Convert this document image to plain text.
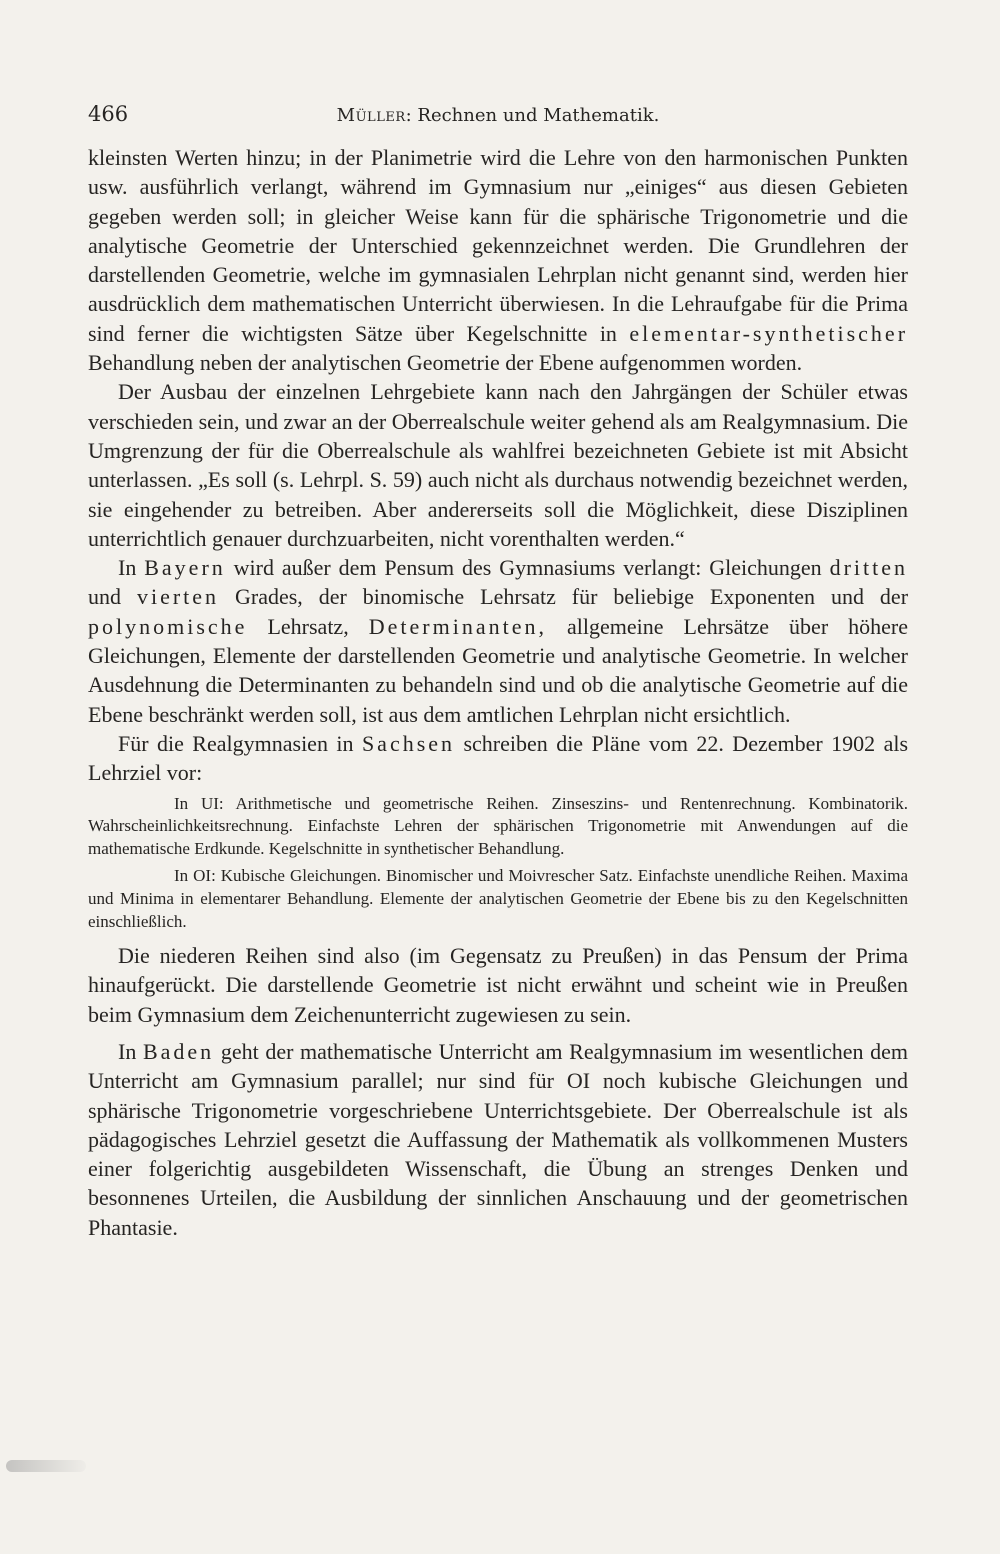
466	Müller: Rechnen und Mathematik.

kleinsten Werten hinzu; in der Planimetrie wird die Lehre von den harmonischen Punkten usw. ausführlich verlangt, während im Gymnasium nur „einiges“ aus diesen Gebieten gegeben werden soll; in gleicher Weise kann für die sphärische Trigonometrie und die analytische Geometrie der Unterschied gekennzeichnet werden. Die Grundlehren der darstellenden Geometrie, welche im gymnasialen Lehrplan nicht genannt sind, werden hier ausdrücklich dem mathematischen Unterricht überwiesen. In die Lehraufgabe für die Prima sind ferner die wichtigsten Sätze über Kegelschnitte in elementar-synthetischer Behandlung neben der analytischen Geometrie der Ebene aufgenommen worden.

Der Ausbau der einzelnen Lehrgebiete kann nach den Jahrgängen der Schüler etwas verschieden sein, und zwar an der Oberrealschule weiter gehend als am Realgymnasium. Die Umgrenzung der für die Oberrealschule als wahlfrei bezeichneten Gebiete ist mit Absicht unterlassen. „Es soll (s. Lehrpl. S. 59) auch nicht als durchaus notwendig bezeichnet werden, sie eingehender zu betreiben. Aber andererseits soll die Möglichkeit, diese Disziplinen unterrichtlich genauer durchzuarbeiten, nicht vorenthalten werden.“

In Bayern wird außer dem Pensum des Gymnasiums verlangt: Gleichungen dritten und vierten Grades, der binomische Lehrsatz für beliebige Exponenten und der polynomische Lehrsatz, Determinanten, allgemeine Lehrsätze über höhere Gleichungen, Elemente der darstellenden Geometrie und analytische Geometrie. In welcher Ausdehnung die Determinanten zu behandeln sind und ob die analytische Geometrie auf die Ebene beschränkt werden soll, ist aus dem amtlichen Lehrplan nicht ersichtlich.

Für die Realgymnasien in Sachsen schreiben die Pläne vom 22. Dezember 1902 als Lehrziel vor:

In UI: Arithmetische und geometrische Reihen. Zinseszins- und Rentenrechnung. Kombinatorik. Wahrscheinlichkeitsrechnung. Einfachste Lehren der sphärischen Trigonometrie mit Anwendungen auf die mathematische Erdkunde. Kegelschnitte in synthetischer Behandlung.

In OI: Kubische Gleichungen. Binomischer und Moivrescher Satz. Einfachste unendliche Reihen. Maxima und Minima in elementarer Behandlung. Elemente der analytischen Geometrie der Ebene bis zu den Kegelschnitten einschließlich.

Die niederen Reihen sind also (im Gegensatz zu Preußen) in das Pensum der Prima hinaufgerückt. Die darstellende Geometrie ist nicht erwähnt und scheint wie in Preußen beim Gymnasium dem Zeichenunterricht zugewiesen zu sein.

In Baden geht der mathematische Unterricht am Realgymnasium im wesentlichen dem Unterricht am Gymnasium parallel; nur sind für OI noch kubische Gleichungen und sphärische Trigonometrie vorgeschriebene Unterrichtsgebiete. Der Oberrealschule ist als pädagogisches Lehrziel gesetzt die Auffassung der Mathematik als vollkommenen Musters einer folgerichtig ausgebildeten Wissenschaft, die Übung an strenges Denken und besonnenes Urteilen, die Ausbildung der sinnlichen Anschauung und der geometrischen Phantasie.
